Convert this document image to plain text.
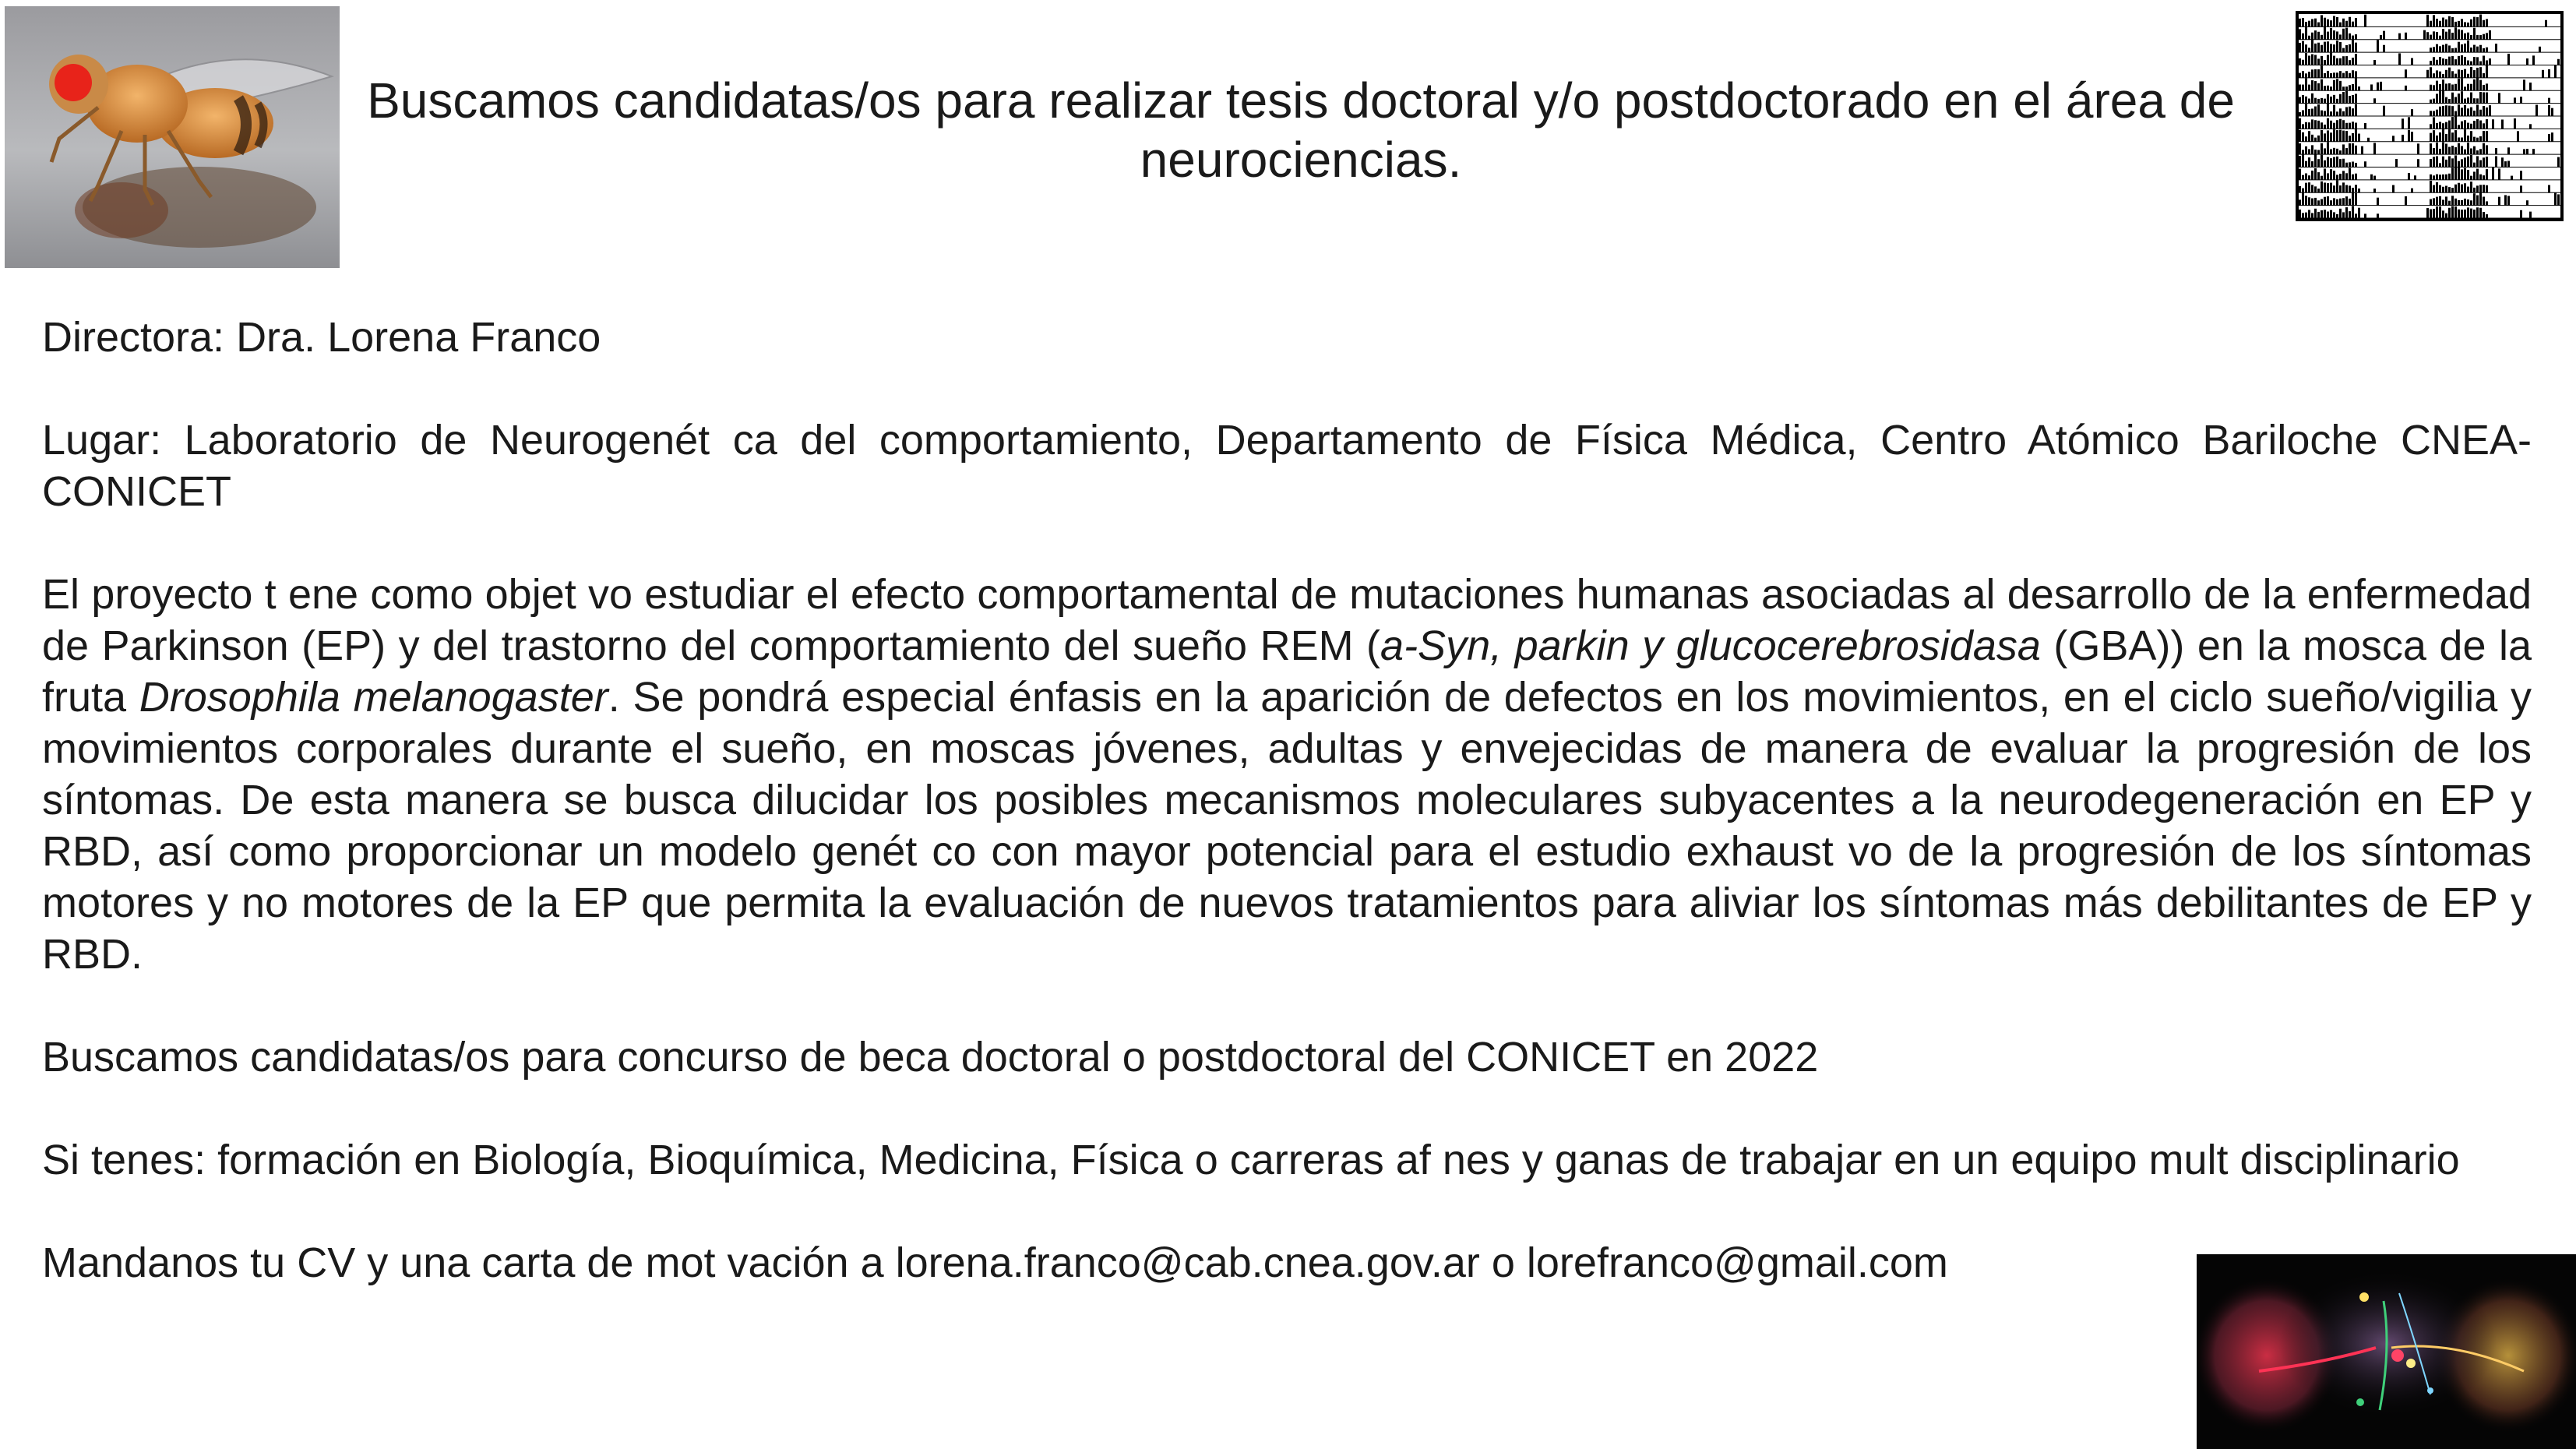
Buscamos candidatas/os para realizar tesis doctoral y/o postdoctorado en el área de neurociencias.

Directora: Dra. Lorena Franco

Lugar: Laboratorio de Neurogenét ca del comportamiento, Departamento de Física Médica, Centro Atómico Bariloche CNEA-CONICET

El proyecto t ene como objet vo estudiar el efecto comportamental de mutaciones humanas asociadas al desarrollo de la enfermedad de Parkinson (EP) y del trastorno del comportamiento del sueño REM (a-Syn, parkin y glucocerebrosidasa (GBA)) en la mosca de la fruta Drosophila melanogaster. Se pondrá especial énfasis en la aparición de defectos en los movimientos, en el ciclo sueño/vigilia y movimientos corporales durante el sueño, en moscas jóvenes, adultas y envejecidas de manera de evaluar la progresión de los síntomas. De esta manera se busca dilucidar los posibles mecanismos moleculares subyacentes a la neurodegeneración en EP y RBD, así como proporcionar un modelo genét co con mayor potencial para el estudio exhaust vo de la progresión de los síntomas motores y no motores de la EP que permita la evaluación de nuevos tratamientos para aliviar los síntomas más debilitantes de EP y RBD.

Buscamos candidatas/os para concurso de beca doctoral o postdoctoral del CONICET en 2022

Si tenes: formación en Biología, Bioquímica, Medicina, Física o carreras af nes y ganas de trabajar en un equipo mult disciplinario

Mandanos tu CV y una carta de mot vación a lorena.franco@cab.cnea.gov.ar o lorefranco@gmail.com
